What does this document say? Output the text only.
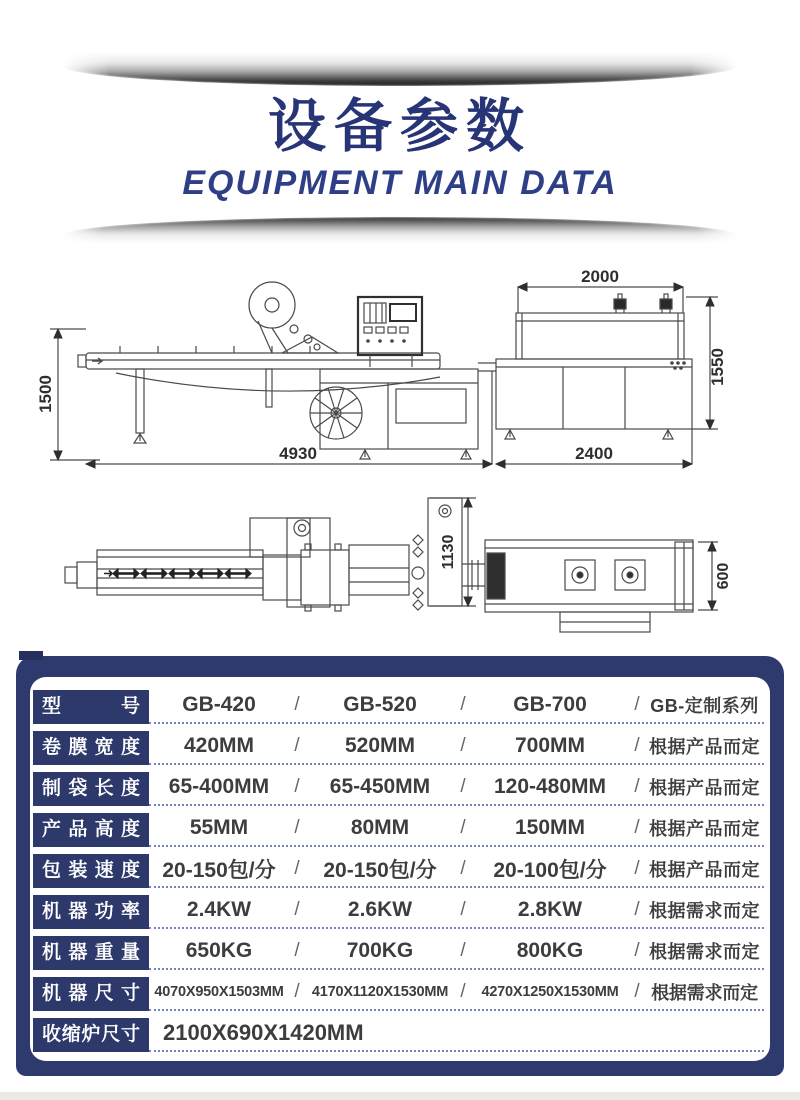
设备参数
EQUIPMENT MAIN DATA
1500
4930
2000
1550
2400
1130
600
型号	GB-420	/	GB-520	/	GB-700	/ GB-定制系列
卷膜宽度	420MM	/	520MM	/	700MM	/ 根据产品而定
制袋长度	65-400MM	/	65-450MM	/	120-480MM	/ 根据产品而定
产品高度	55MM	/	80MM	/	150MM	/ 根据产品而定
包装速度	20-150包/分 /	20-150包/分	/	20-100包/分	/ 根据产品而定
机器功率	2.4KW	/	2.6KW	/	2.8KW	/ 根据需求而定
机器重量	650KG	/	700KG	/	800KG	/ 根据需求而定
机器尺寸 4070X950X1503MM / 4170X1120X1530MM /	4270X1250X1530MM / 根据需求而定
收缩炉尺寸	2100X690X1420MM
